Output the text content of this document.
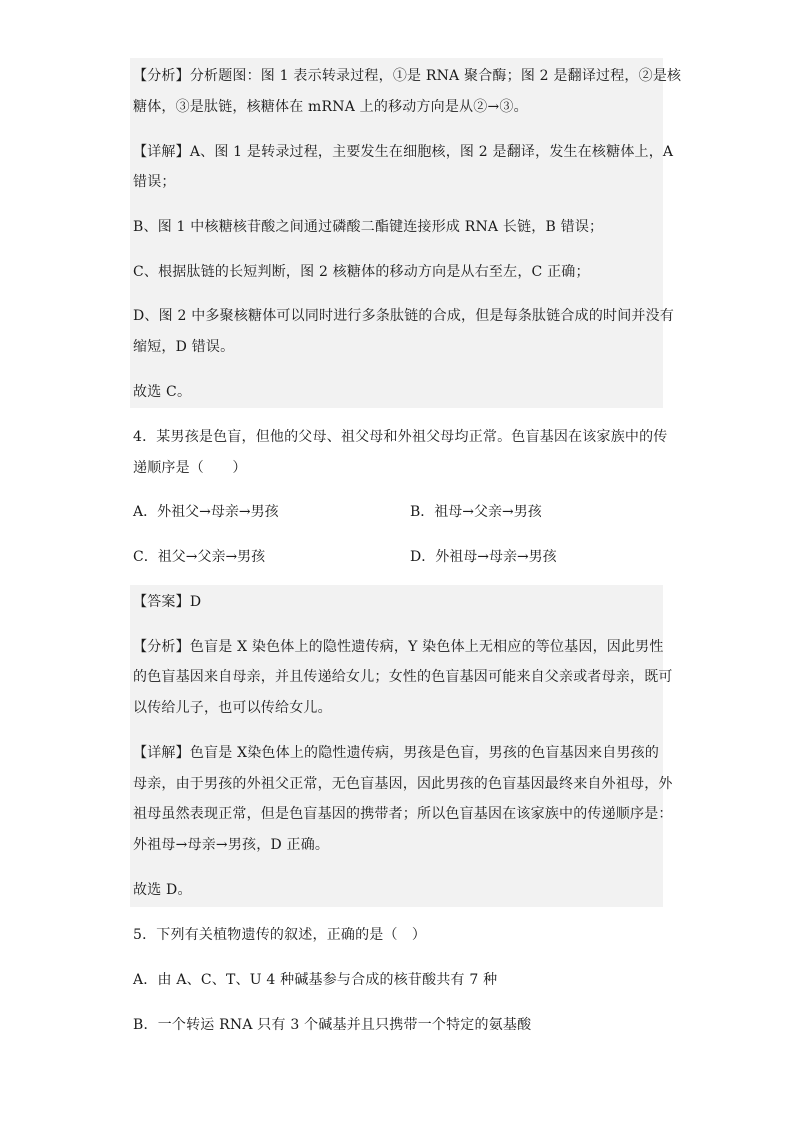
【分析】分析题图：图 1 表示转录过程，①是 RNA 聚合酶；图 2 是翻译过程，②是核
糖体，③是肽链，核糖体在 mRNA 上的移动方向是从②→③。
【详解】A、图 1 是转录过程，主要发生在细胞核，图 2 是翻译，发生在核糖体上，A
错误；
B、图 1 中核糖核苷酸之间通过磷酸二酯键连接形成 RNA 长链，B 错误；
C、根据肽链的长短判断，图 2 核糖体的移动方向是从右至左，C 正确；
D、图 2 中多聚核糖体可以同时进行多条肽链的合成，但是每条肽链合成的时间并没有
缩短，D 错误。
故选 C。
4．某男孩是色盲，但他的父母、祖父母和外祖父母均正常。色盲基因在该家族中的传
递顺序是（　　）
A．外祖父→母亲→男孩	B．祖母→父亲→男孩
C．祖父→父亲→男孩	D．外祖母→母亲→男孩
【答案】D
【分析】色盲是 X 染色体上的隐性遗传病，Y 染色体上无相应的等位基因，因此男性
的色盲基因来自母亲，并且传递给女儿；女性的色盲基因可能来自父亲或者母亲，既可
以传给儿子，也可以传给女儿。
【详解】色盲是 X染色体上的隐性遗传病，男孩是色盲，男孩的色盲基因来自男孩的
母亲，由于男孩的外祖父正常，无色盲基因，因此男孩的色盲基因最终来自外祖母，外
祖母虽然表现正常，但是色盲基因的携带者；所以色盲基因在该家族中的传递顺序是：
外祖母→母亲→男孩，D 正确。
故选 D。
5．下列有关植物遗传的叙述，正确的是（　）
A．由 A、C、T、U 4 种碱基参与合成的核苷酸共有 7 种
B．一个转运 RNA 只有 3 个碱基并且只携带一个特定的氨基酸
